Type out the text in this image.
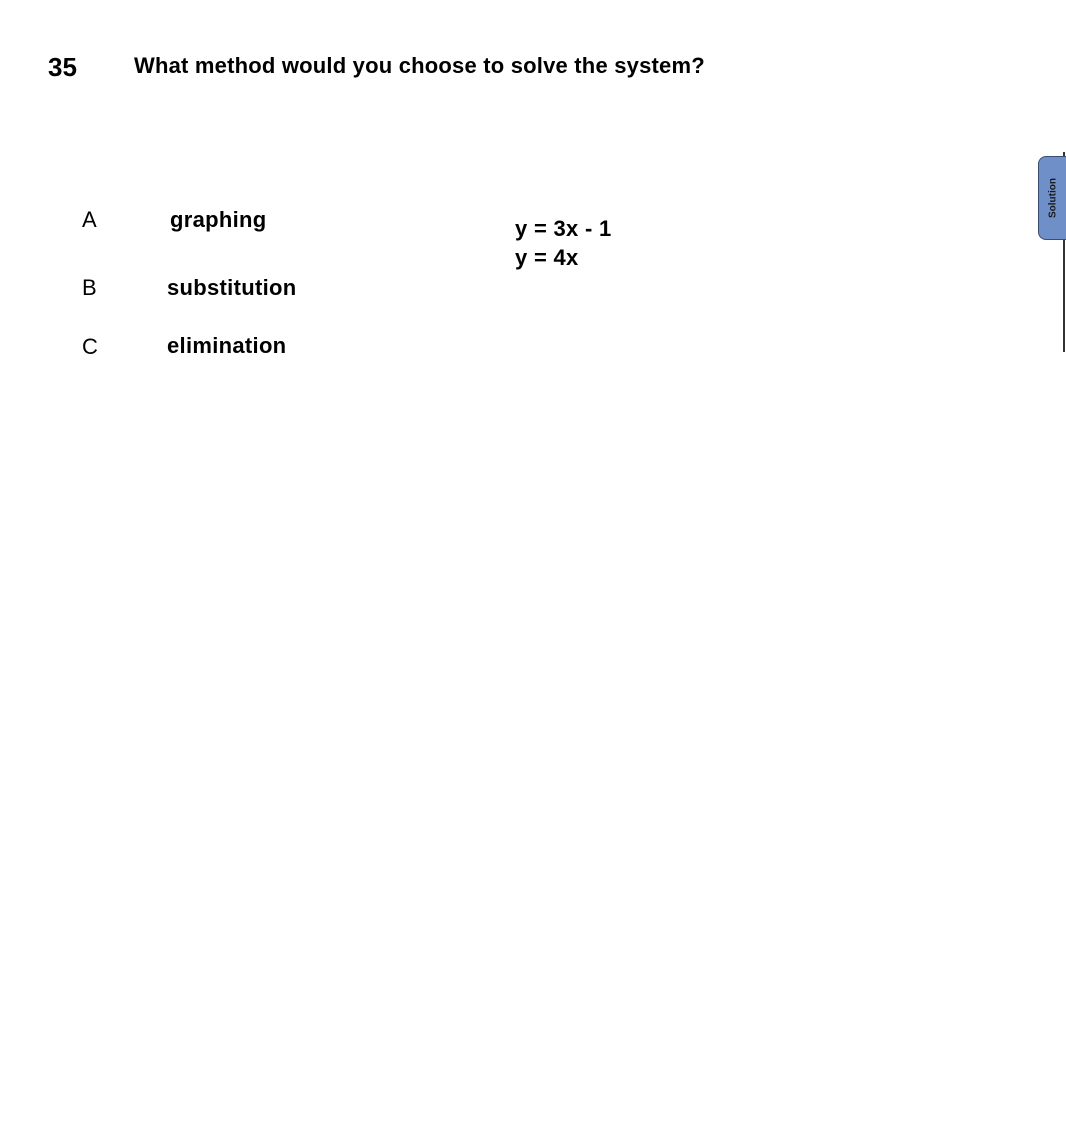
35	What method would you choose to solve the system?
A	graphing
B	substitution
C	elimination
y = 3x - 1
y = 4x
Solution
